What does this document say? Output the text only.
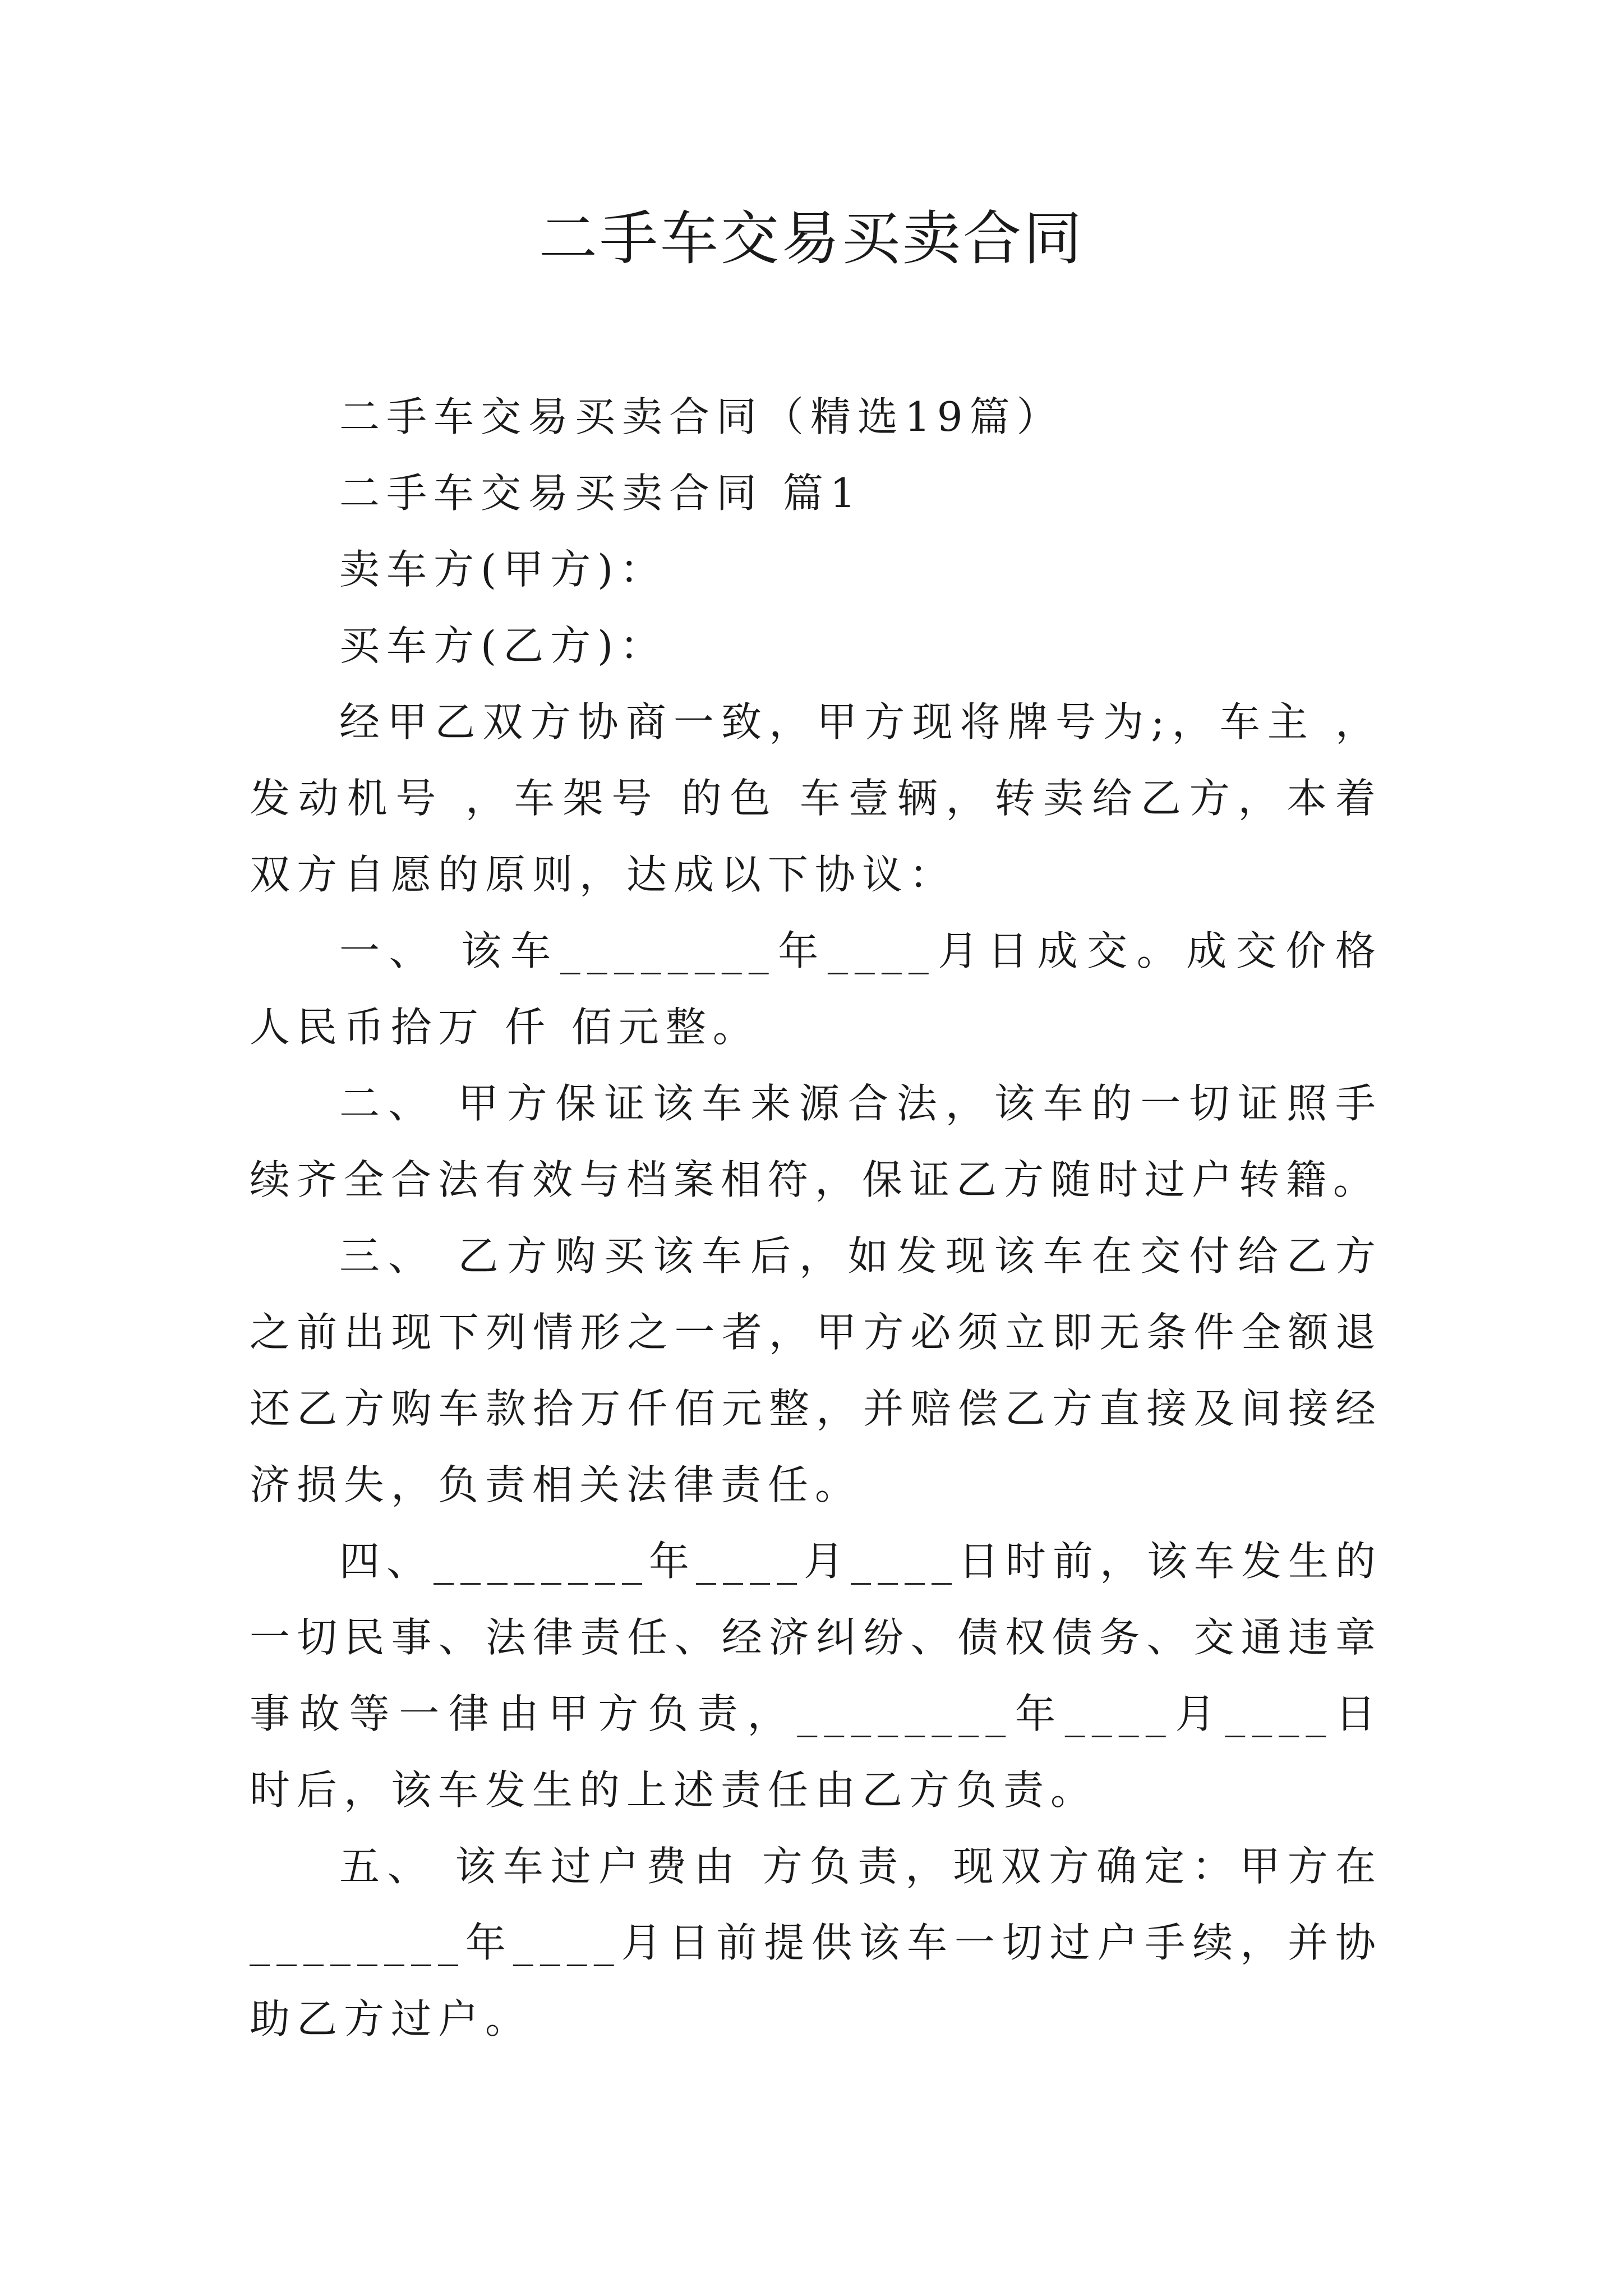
二手车交易买卖合同

二手车交易买卖合同（精选19篇）

二手车交易买卖合同 篇1

卖车方(甲方)：

买车方(乙方)：

经甲乙双方协商一致，甲方现将牌号为;，车主 ，发动机号 ，车架号 的色 车壹辆，转卖给乙方，本着双方自愿的原则，达成以下协议：

一、 该车________年____月日成交。成交价格人民币拾万 仟 佰元整。

二、 甲方保证该车来源合法，该车的一切证照手续齐全合法有效与档案相符，保证乙方随时过户转籍。

三、 乙方购买该车后，如发现该车在交付给乙方之前出现下列情形之一者，甲方必须立即无条件全额退还乙方购车款拾万仟佰元整，并赔偿乙方直接及间接经济损失，负责相关法律责任。

四、________年____月____日时前，该车发生的一切民事、法律责任、经济纠纷、债权债务、交通违章事故等一律由甲方负责，________年____月____日时后，该车发生的上述责任由乙方负责。

五、 该车过户费由 方负责，现双方确定：甲方在________年____月日前提供该车一切过户手续，并协助乙方过户。
